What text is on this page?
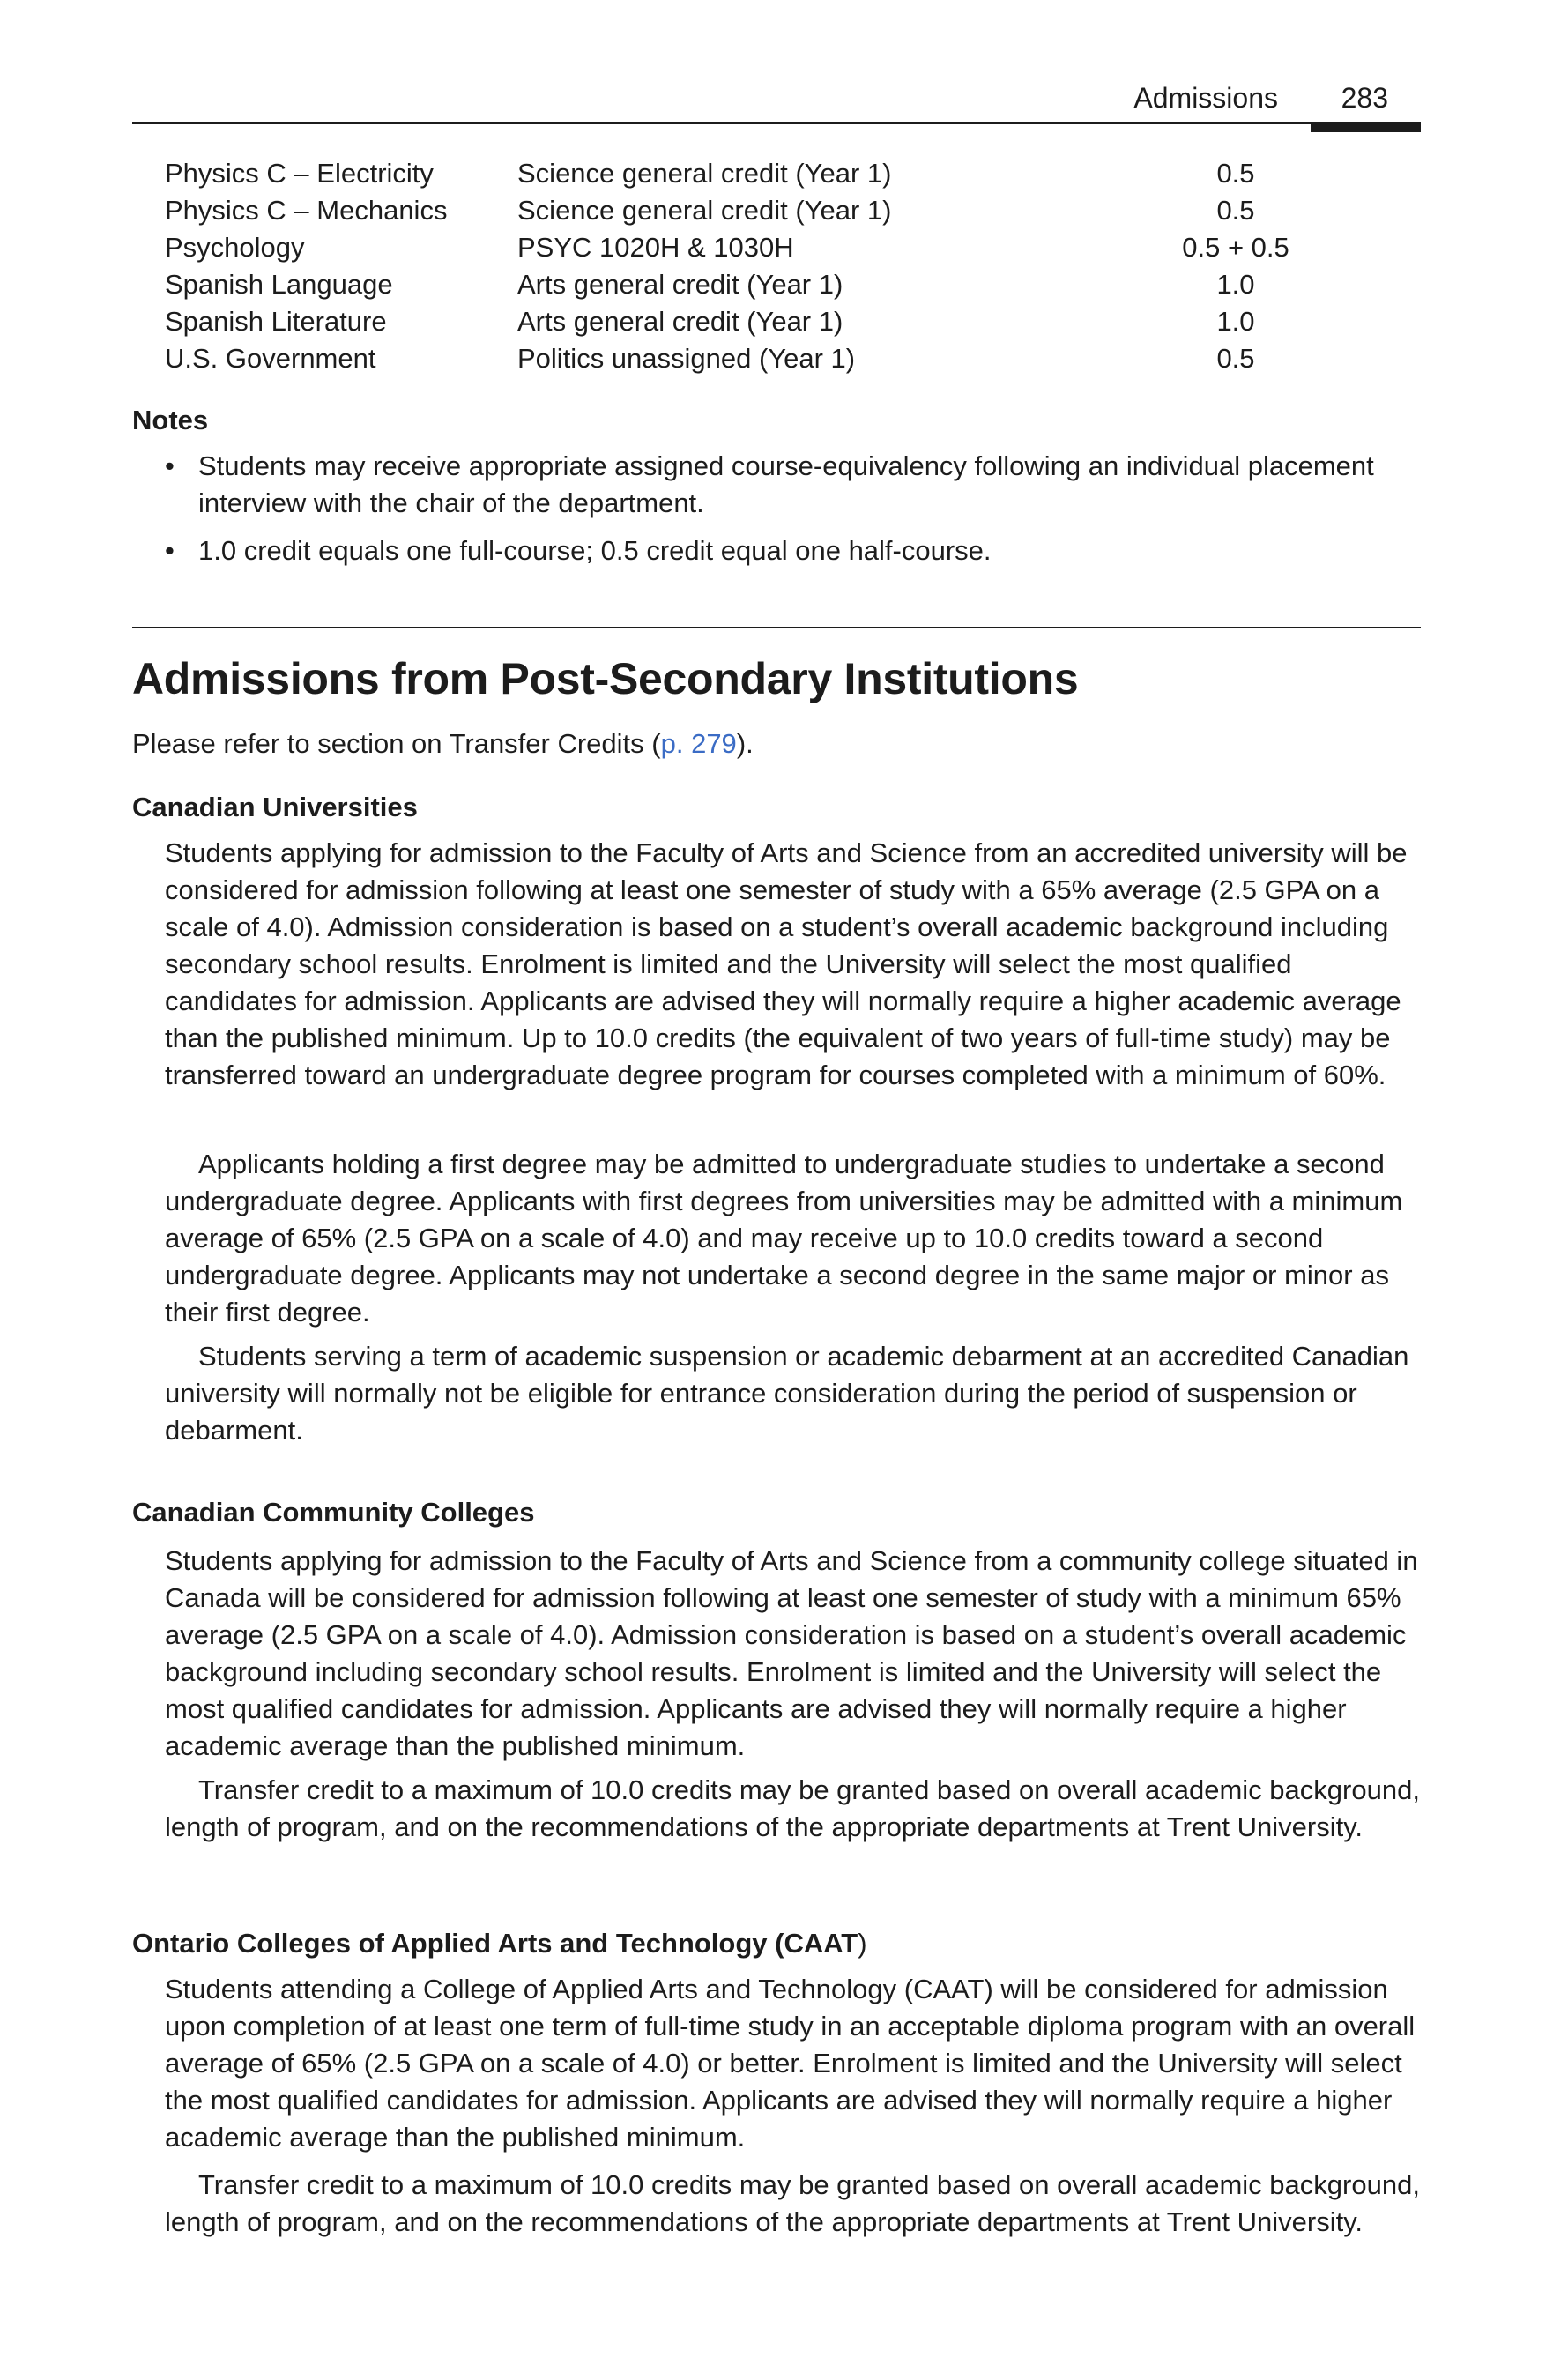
Admissions 283
Physics C – Electricity	Science general credit (Year 1)	0.5
Physics C – Mechanics	Science general credit (Year 1)	0.5
Psychology	PSYC 1020H & 1030H	0.5 + 0.5
Spanish Language	Arts general credit (Year 1)	1.0
Spanish Literature	Arts general credit (Year 1)	1.0
U.S. Government	Politics unassigned (Year 1)	0.5
Notes
• Students may receive appropriate assigned course-equivalency following an individual placement interview with the chair of the department.
• 1.0 credit equals one full-course; 0.5 credit equal one half-course.
Admissions from Post-Secondary Institutions
Please refer to section on Transfer Credits (p. 279).
Canadian Universities

Students applying for admission to the Faculty of Arts and Science from an accredited university will be considered for admission following at least one semester of study with a 65% average (2.5 GPA on a scale of 4.0). Admission consideration is based on a student’s overall academic background including secondary school results. Enrolment is limited and the University will select the most qualified candidates for admission. Applicants are advised they will normally require a higher academic average than the published minimum. Up to 10.0 credits (the equivalent of two years of full-time study) may be transferred toward an undergraduate degree program for courses completed with a minimum of 60%.

Applicants holding a first degree may be admitted to undergraduate studies to undertake a second undergraduate degree. Applicants with first degrees from universities may be admitted with a minimum average of 65% (2.5 GPA on a scale of 4.0) and may receive up to 10.0 credits toward a second undergraduate degree. Applicants may not undertake a second degree in the same major or minor as their first degree.

Students serving a term of academic suspension or academic debarment at an accredited Canadian university will normally not be eligible for entrance consideration during the period of suspension or debarment.

Canadian Community Colleges

Students applying for admission to the Faculty of Arts and Science from a community college situated in Canada will be considered for admission following at least one semester of study with a minimum 65% average (2.5 GPA on a scale of 4.0). Admission consideration is based on a student’s overall academic background including secondary school results. Enrolment is limited and the University will select the most qualified candidates for admission. Applicants are advised they will normally require a higher academic average than the published minimum.

Transfer credit to a maximum of 10.0 credits may be granted based on overall academic background, length of program, and on the recommendations of the appropriate departments at Trent University.

Ontario Colleges of Applied Arts and Technology (CAAT)

Students attending a College of Applied Arts and Technology (CAAT) will be considered for admission upon completion of at least one term of full-time study in an acceptable diploma program with an overall average of 65% (2.5 GPA on a scale of 4.0) or better. Enrolment is limited and the University will select the most qualified candidates for admission. Applicants are advised they will normally require a higher academic average than the published minimum.

Transfer credit to a maximum of 10.0 credits may be granted based on overall academic background, length of program, and on the recommendations of the appropriate departments at Trent University.
